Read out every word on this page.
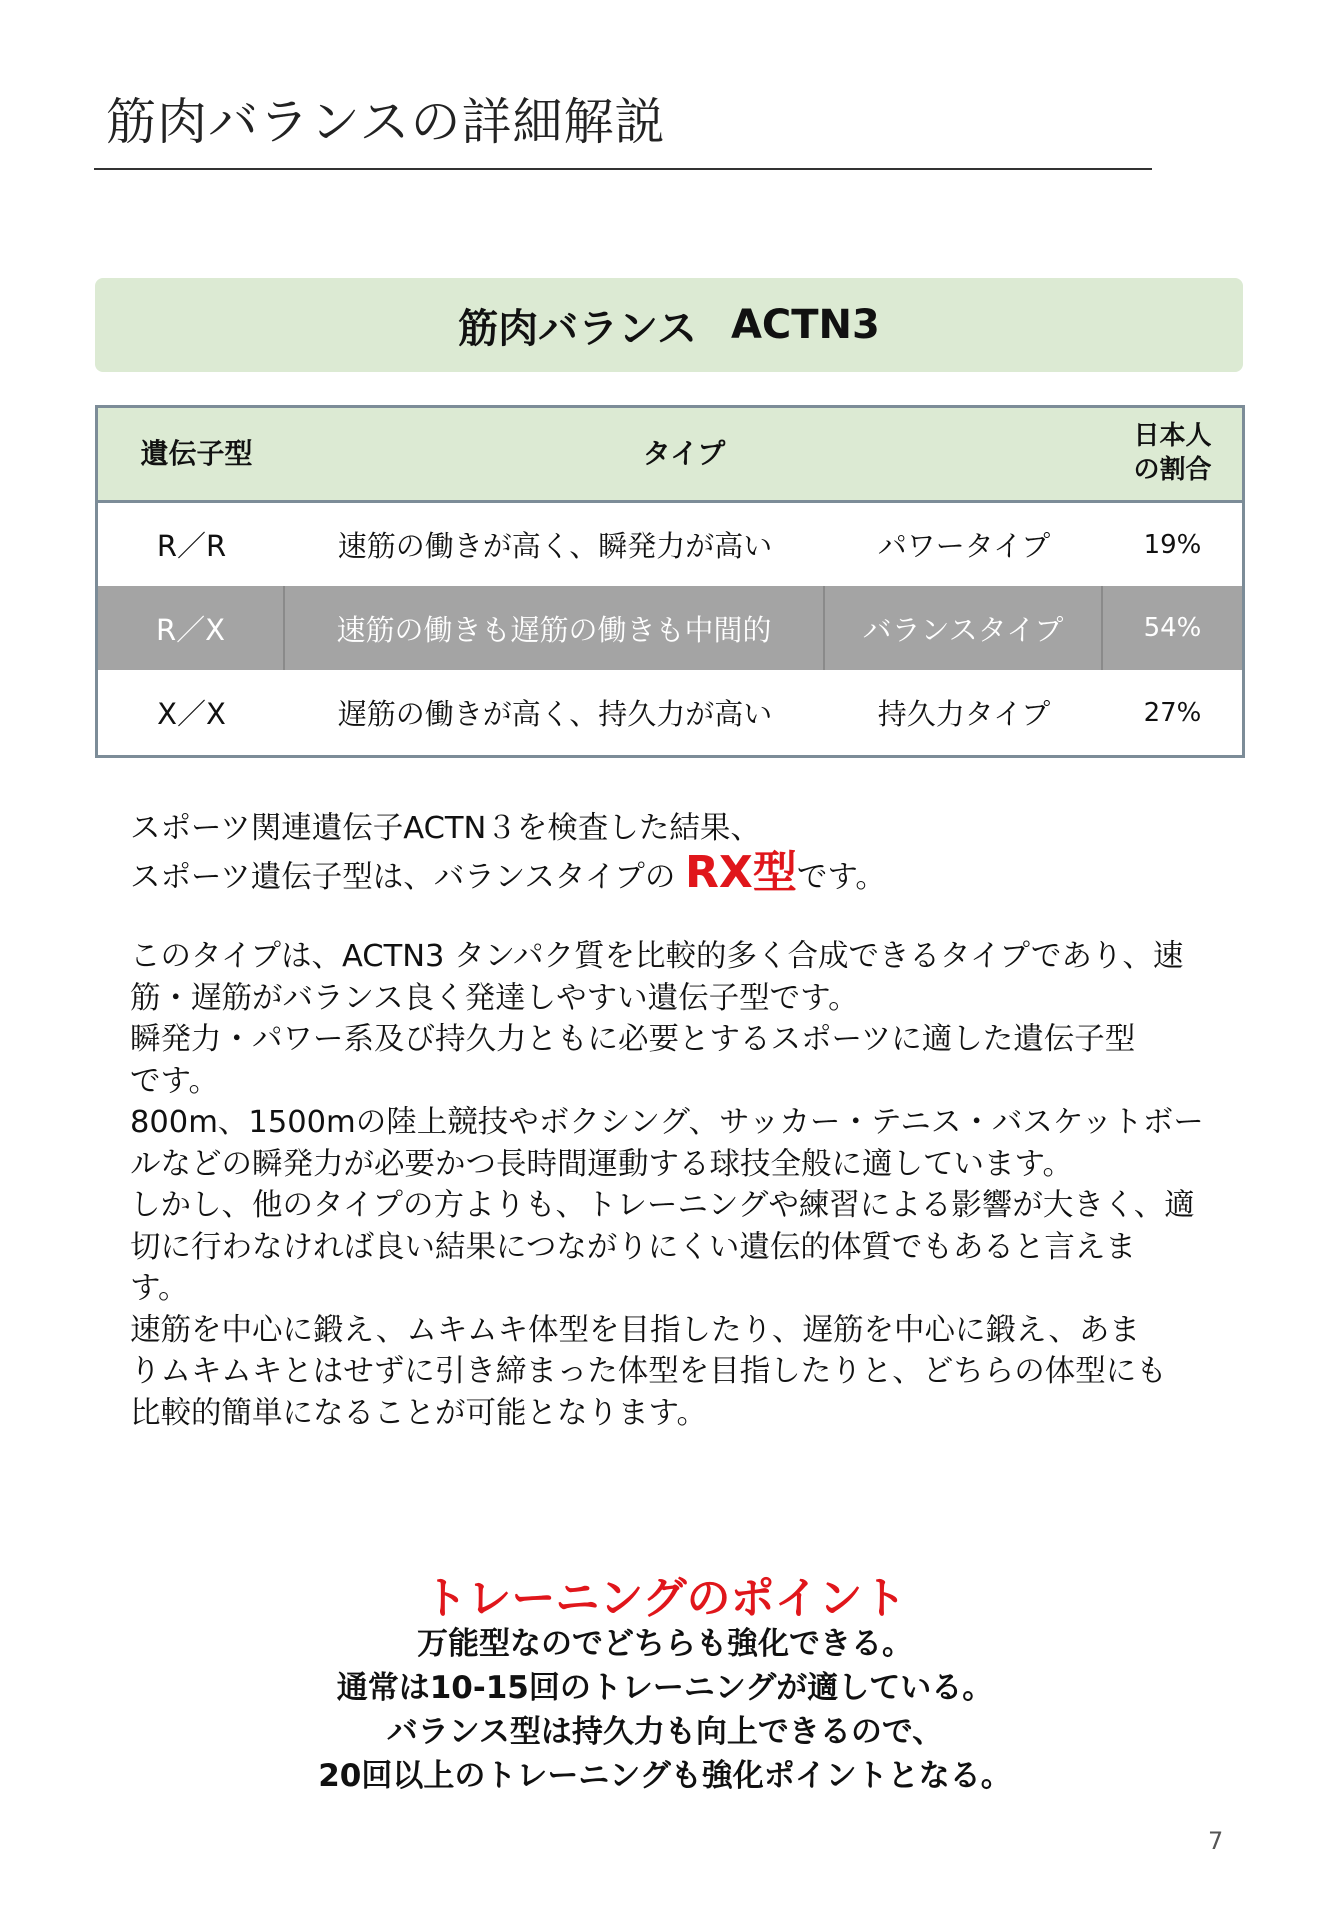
筋肉バランスの詳細解説
筋肉バランス ACTN3
遺伝子型	タイプ
日本人
の割合
R／R	速筋の働きが高く、瞬発力が高い	パワータイプ	19%
R／X	速筋の働きも遅筋の働きも中間的	バランスタイプ	54%
X／X	遅筋の働きが高く、持久力が高い	持久力タイプ	27%

スポーツ関連遺伝子ACTN３を検査した結果、

スポーツ遺伝子型は、バランスタイプの RX型です。

このタイプは、ACTN3 タンパク質を比較的多く合成できるタイプであり、速

筋・遅筋がバランス良く発達しやすい遺伝子型です。

瞬発力・パワー系及び持久力ともに必要とするスポーツに適した遺伝子型

です。

800m、1500mの陸上競技やボクシング、サッカー・テニス・バスケットボー

ルなどの瞬発力が必要かつ長時間運動する球技全般に適しています。

しかし、他のタイプの方よりも、トレーニングや練習による影響が大きく、適

切に行わなければ良い結果につながりにくい遺伝的体質でもあると言えま

す。

速筋を中心に鍛え、ムキムキ体型を目指したり、遅筋を中心に鍛え、あま

りムキムキとはせずに引き締まった体型を目指したりと、どちらの体型にも

比較的簡単になることが可能となります。

トレーニングのポイント
万能型なのでどちらも強化できる。
通常は10-15回のトレーニングが適している。
バランス型は持久力も向上できるので、
20回以上のトレーニングも強化ポイントとなる。
7
